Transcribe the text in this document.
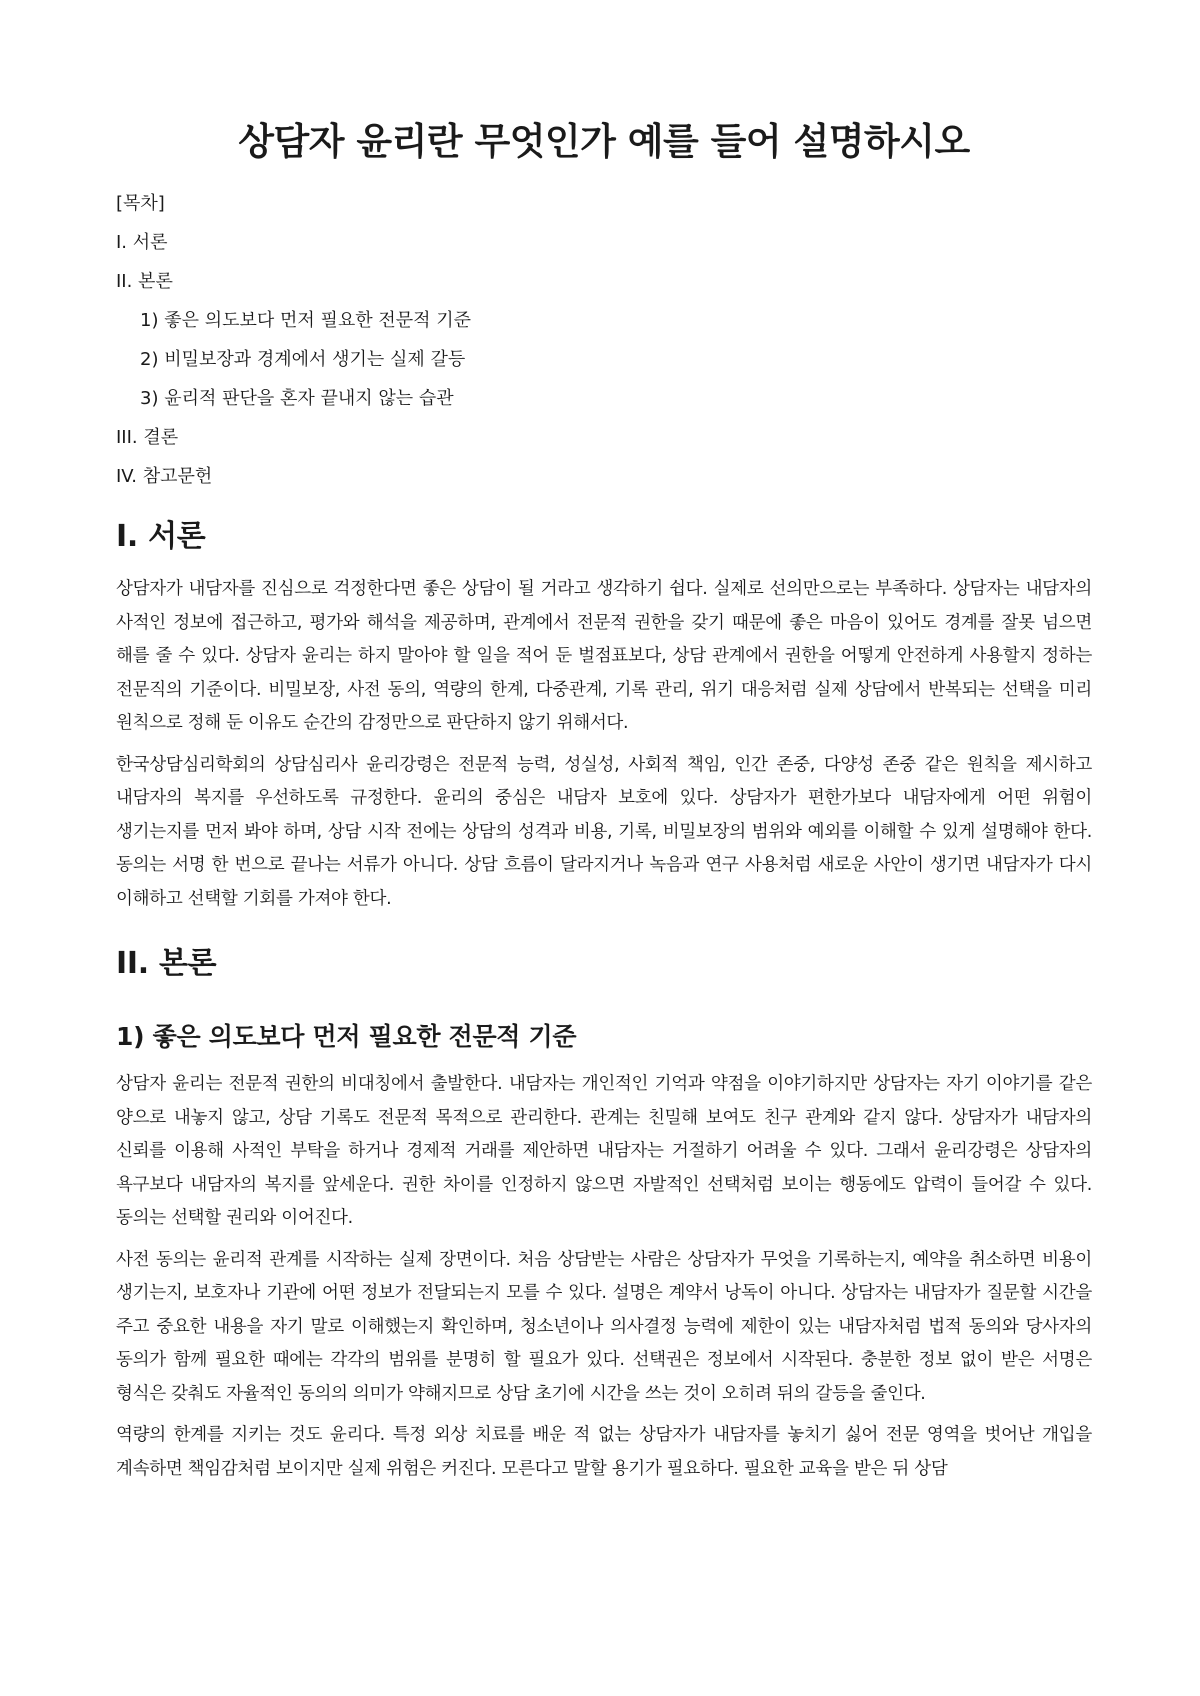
상담자 윤리란 무엇인가 예를 들어 설명하시오
[목차]
I. 서론
II. 본론
1) 좋은 의도보다 먼저 필요한 전문적 기준
2) 비밀보장과 경계에서 생기는 실제 갈등
3) 윤리적 판단을 혼자 끝내지 않는 습관
III. 결론
IV. 참고문헌
I. 서론

상담자가 내담자를 진심으로 걱정한다면 좋은 상담이 될 거라고 생각하기 쉽다. 실제로 선의만으로는 부족하다. 상담자는 내담자의 사적인 정보에 접근하고, 평가와 해석을 제공하며, 관계에서 전문적 권한을 갖기 때문에 좋은 마음이 있어도 경계를 잘못 넘으면 해를 줄 수 있다. 상담자 윤리는 하지 말아야 할 일을 적어 둔 벌점표보다, 상담 관계에서 권한을 어떻게 안전하게 사용할지 정하는 전문직의 기준이다. 비밀보장, 사전 동의, 역량의 한계, 다중관계, 기록 관리, 위기 대응처럼 실제 상담에서 반복되는 선택을 미리 원칙으로 정해 둔 이유도 순간의 감정만으로 판단하지 않기 위해서다.

한국상담심리학회의 상담심리사 윤리강령은 전문적 능력, 성실성, 사회적 책임, 인간 존중, 다양성 존중 같은 원칙을 제시하고 내담자의 복지를 우선하도록 규정한다. 윤리의 중심은 내담자 보호에 있다. 상담자가 편한가보다 내담자에게 어떤 위험이 생기는지를 먼저 봐야 하며, 상담 시작 전에는 상담의 성격과 비용, 기록, 비밀보장의 범위와 예외를 이해할 수 있게 설명해야 한다. 동의는 서명 한 번으로 끝나는 서류가 아니다. 상담 흐름이 달라지거나 녹음과 연구 사용처럼 새로운 사안이 생기면 내담자가 다시 이해하고 선택할 기회를 가져야 한다.

II. 본론
1) 좋은 의도보다 먼저 필요한 전문적 기준

상담자 윤리는 전문적 권한의 비대칭에서 출발한다. 내담자는 개인적인 기억과 약점을 이야기하지만 상담자는 자기 이야기를 같은 양으로 내놓지 않고, 상담 기록도 전문적 목적으로 관리한다. 관계는 친밀해 보여도 친구 관계와 같지 않다. 상담자가 내담자의 신뢰를 이용해 사적인 부탁을 하거나 경제적 거래를 제안하면 내담자는 거절하기 어려울 수 있다. 그래서 윤리강령은 상담자의 욕구보다 내담자의 복지를 앞세운다. 권한 차이를 인정하지 않으면 자발적인 선택처럼 보이는 행동에도 압력이 들어갈 수 있다. 동의는 선택할 권리와 이어진다.

사전 동의는 윤리적 관계를 시작하는 실제 장면이다. 처음 상담받는 사람은 상담자가 무엇을 기록하는지, 예약을 취소하면 비용이 생기는지, 보호자나 기관에 어떤 정보가 전달되는지 모를 수 있다. 설명은 계약서 낭독이 아니다. 상담자는 내담자가 질문할 시간을 주고 중요한 내용을 자기 말로 이해했는지 확인하며, 청소년이나 의사결정 능력에 제한이 있는 내담자처럼 법적 동의와 당사자의 동의가 함께 필요한 때에는 각각의 범위를 분명히 할 필요가 있다. 선택권은 정보에서 시작된다. 충분한 정보 없이 받은 서명은 형식은 갖춰도 자율적인 동의의 의미가 약해지므로 상담 초기에 시간을 쓰는 것이 오히려 뒤의 갈등을 줄인다.

역량의 한계를 지키는 것도 윤리다. 특정 외상 치료를 배운 적 없는 상담자가 내담자를 놓치기 싫어 전문 영역을 벗어난 개입을 계속하면 책임감처럼 보이지만 실제 위험은 커진다. 모른다고 말할 용기가 필요하다. 필요한 교육을 받은 뒤 상담
